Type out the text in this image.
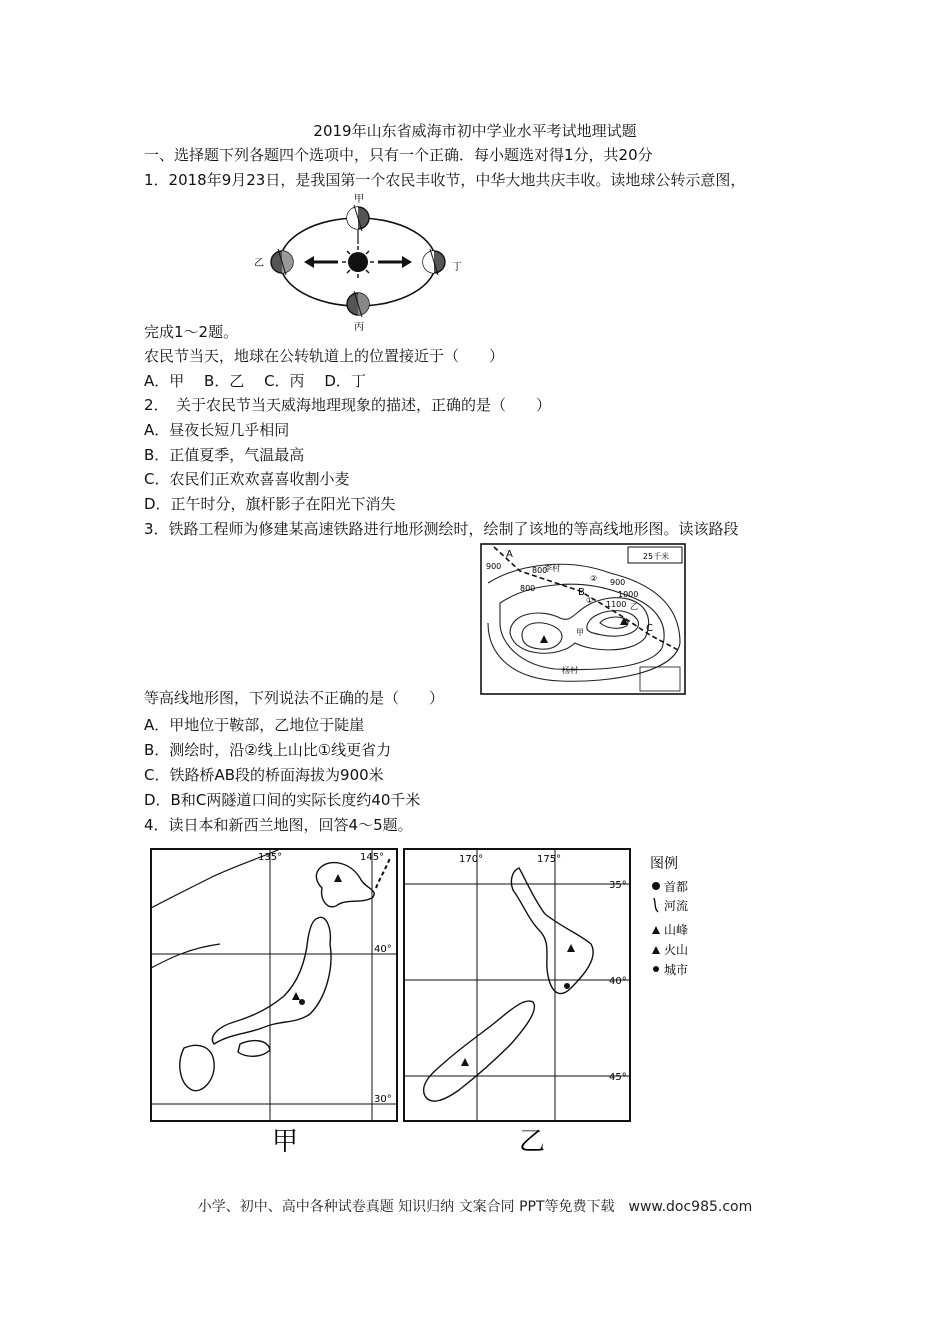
2019年山东省威海市初中学业水平考试地理试题
一、选择题下列各题四个选项中，只有一个正确．每小题选对得1分，共20分
1．2018年9月23日，是我国第一个农民丰收节，中华大地共庆丰收。读地球公转示意图，
甲
乙
丙
丁
完成1～2题。
农民节当天，地球在公转轨道上的位置接近于（　　）
A．甲　 B．乙　 C．丙　 D．丁
2．　关于农民节当天威海地理现象的描述，正确的是（　　）
A．昼夜长短几乎相同
B．正值夏季，气温最高
C．农民们正欢欢喜喜收割小麦
D．正午时分，旗杆影子在阳光下消失
3．铁路工程师为修建某高速铁路进行地形测绘时，绘制了该地的等高线地形图。读该路段
25千米
900	800
800
900
1000
1100
A
B
C
甲
乙
李村
杨村
②
①
等高线地形图，下列说法不正确的是（　　）
A．甲地位于鞍部，乙地位于陡崖
B．测绘时，沿②线上山比①线更省力
C．铁路桥AB段的桥面海拔为900米
D．B和C两隧道口间的实际长度约40千米
4．读日本和新西兰地图，回答4～5题。
135°	145°
40°
30°
甲
170°	175°
35°
40°
45°
乙
图例
首都
河流
山峰
火山
城市
小学、初中、高中各种试卷真题 知识归纳 文案合同 PPT等免费下载　www.doc985.com
